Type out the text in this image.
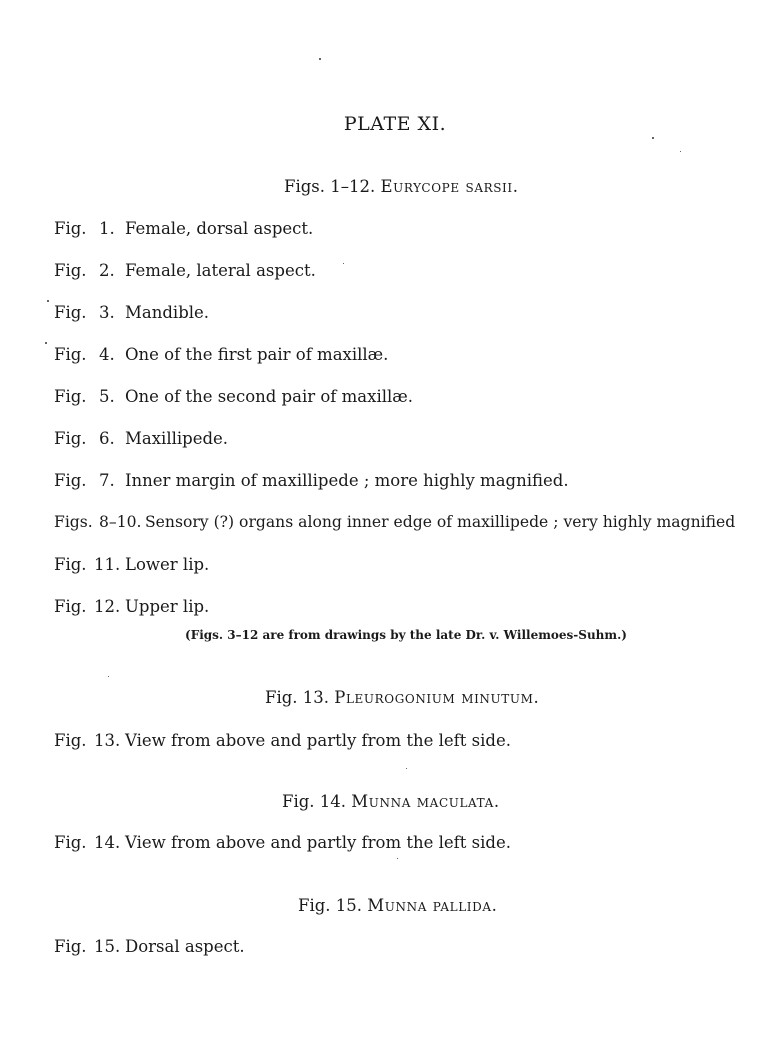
PLATE XI.
Figs. 1–12. Eurycope sarsii.
Fig. 1. Female, dorsal aspect.
Fig. 2. Female, lateral aspect.
Fig. 3. Mandible.
Fig. 4. One of the first pair of maxillæ.
Fig. 5. One of the second pair of maxillæ.
Fig. 6. Maxillipede.
Fig. 7. Inner margin of maxillipede ; more highly magnified.
Figs. 8–10. Sensory (?) organs along inner edge of maxillipede ; very highly magnified
Fig. 11. Lower lip.
Fig. 12. Upper lip.
(Figs. 3–12 are from drawings by the late Dr. v. Willemoes-Suhm.)
Fig. 13. Pleurogonium minutum.
Fig. 13. View from above and partly from the left side.
Fig. 14. Munna maculata.
Fig. 14. View from above and partly from the left side.
Fig. 15. Munna pallida.
Fig. 15. Dorsal aspect.
